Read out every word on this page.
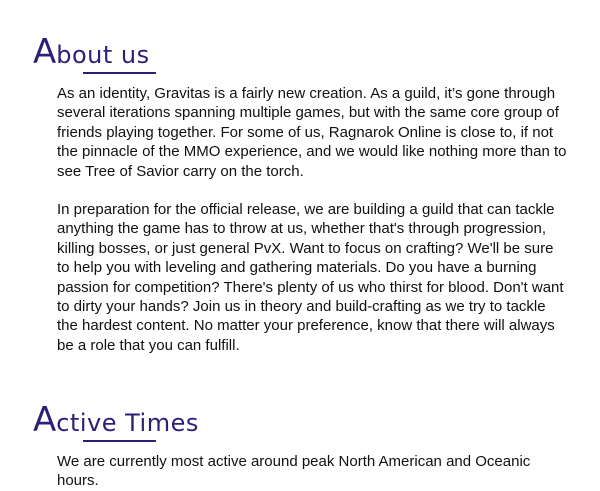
About us

As an identity, Gravitas is a fairly new creation. As a guild, it’s gone through several iterations spanning multiple games, but with the same core group of friends playing together. For some of us, Ragnarok Online is close to, if not the pinnacle of the MMO experience, and we would like nothing more than to see Tree of Savior carry on the torch.

In preparation for the official release, we are building a guild that can tackle anything the game has to throw at us, whether that's through progression, killing bosses, or just general PvX. Want to focus on crafting? We'll be sure to help you with leveling and gathering materials. Do you have a burning passion for competition? There's plenty of us who thirst for blood. Don't want to dirty your hands? Join us in theory and build-crafting as we try to tackle the hardest content. No matter your preference, know that there will always be a role that you can fulfill.

Active Times

We are currently most active around peak North American and Oceanic hours.
